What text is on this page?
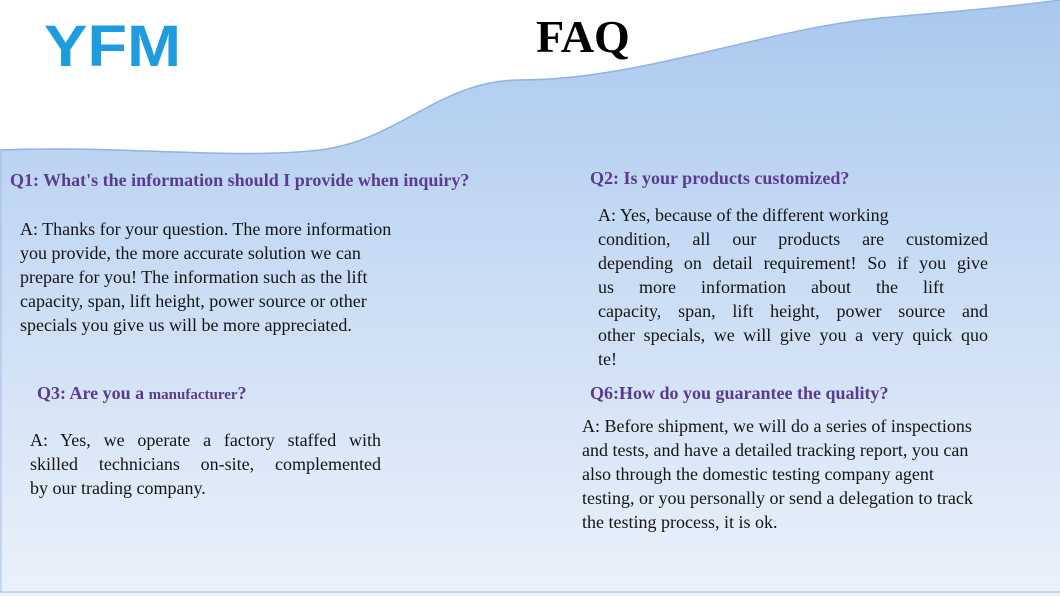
YFM	FAQ
Q1: What's the information should I provide when inquiry?
A: Thanks for your question. The more information
you provide, the more accurate solution we can
prepare for you! The information such as the lift
capacity, span, lift height, power source or other
specials you give us will be more appreciated.
Q2: Is your products customized?
A: Yes, because of the different working
condition, all our products are customized
depending on detail requirement! So if you give
us more information about the lift
capacity, span, lift height, power source and
other specials, we will give you a very quick quo
te!
Q3: Are you a manufacturer?
A: Yes, we operate a factory staffed with
skilled technicians on-site, complemented
by our trading company.
Q6:How do you guarantee the quality?
A: Before shipment, we will do a series of inspections
and tests, and have a detailed tracking report, you can
also through the domestic testing company agent
testing, or you personally or send a delegation to track
the testing process, it is ok.
